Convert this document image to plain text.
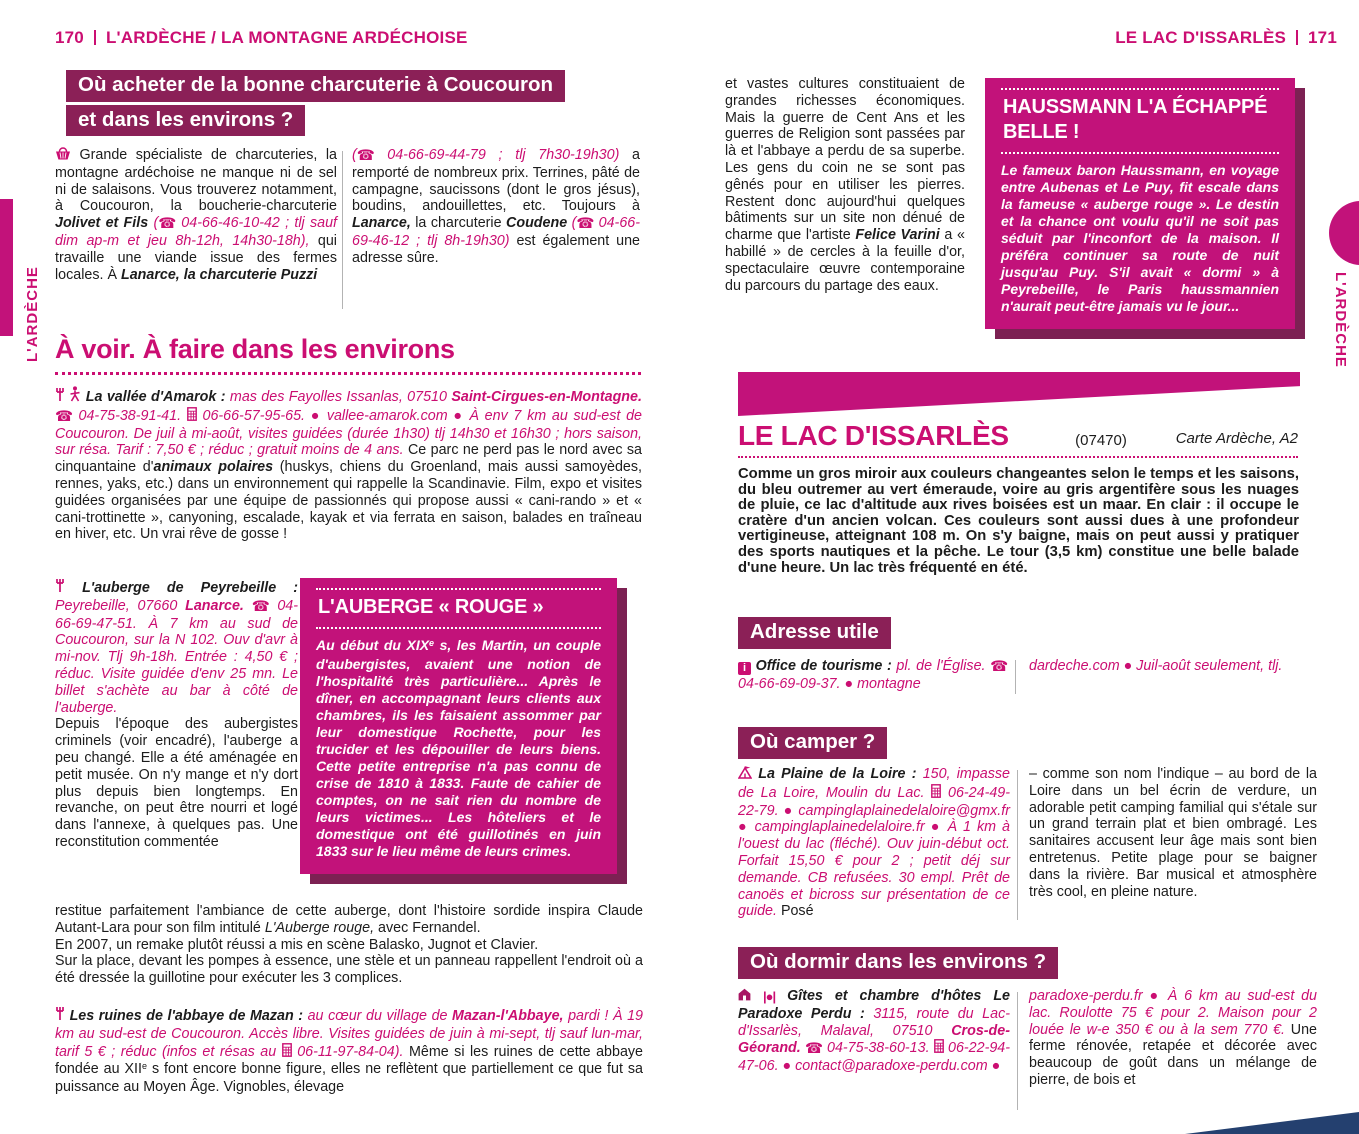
170 L'ARDÈCHE / LA MONTAGNE ARDÉCHOISE
Où acheter de la bonne charcuterie à Coucouron
et dans les environs ?
Grande spécialiste de charcuteries, la montagne ardéchoise ne manque ni de sel ni de salaisons. Vous trouverez notamment, à Coucouron, la boucherie-charcuterie Jolivet et Fils (☎ 04-66-46-10-42 ; tlj sauf dim ap-m et jeu 8h-12h, 14h30-18h), qui travaille une viande issue des fermes locales. À Lanarce, la charcuterie Puzzi
(☎ 04-66-69-44-79 ; tlj 7h30-19h30) a remporté de nombreux prix. Terrines, pâté de campagne, saucissons (dont le gros jésus), boudins, andouillettes, etc. Toujours à Lanarce, la charcuterie Coudene (☎ 04-66-69-46-12 ; tlj 8h-19h30) est également une adresse sûre.
À voir. À faire dans les environs
La vallée d'Amarok : mas des Fayolles Issanlas, 07510 Saint-Cirgues-en-Montagne. ☎ 04-75-38-91-41.  06-66-57-95-65. ● vallee-amarok.com ● À env 7 km au sud-est de Coucouron. De juil à mi-août, visites guidées (durée 1h30) tlj 14h30 et 16h30 ; hors saison, sur résa. Tarif : 7,50 € ; réduc ; gratuit moins de 4 ans. Ce parc ne perd pas le nord avec sa cinquantaine d'animaux polaires (huskys, chiens du Groenland, mais aussi samoyèdes, rennes, yaks, etc.) dans un environnement qui rappelle la Scandinavie. Film, expo et visites guidées organisées par une équipe de passionnés qui propose aussi « cani-rando » et « cani-trottinette », canyoning, escalade, kayak et via ferrata en saison, balades en traîneau en hiver, etc. Un vrai rêve de gosse !
L'auberge de Peyrebeille : Peyrebeille, 07660 Lanarce. ☎ 04-66-69-47-51. À 7 km au sud de Coucouron, sur la N 102. Ouv d'avr à mi-nov. Tlj 9h-18h. Entrée : 4,50 € ; réduc. Visite guidée d'env 25 mn. Le billet s'achète au bar à côté de l'auberge.
Depuis l'époque des aubergistes criminels (voir encadré), l'auberge a peu changé. Elle a été aménagée en petit musée. On n'y mange et n'y dort plus depuis bien longtemps. En revanche, on peut être nourri et logé dans l'annexe, à quelques pas. Une reconstitution commentée
L'AUBERGE « ROUGE »
Au début du XIXe s, les Martin, un couple d'aubergistes, avaient une notion de l'hospitalité très particulière... Après le dîner, en accompagnant leurs clients aux chambres, ils les faisaient assommer par leur domestique Rochette, pour les trucider et les dépouiller de leurs biens. Cette petite entreprise n'a pas connu de crise de 1810 à 1833. Faute de cahier de comptes, on ne sait rien du nombre de leurs victimes... Les hôteliers et le domestique ont été guillotinés en juin 1833 sur le lieu même de leurs crimes.
restitue parfaitement l'ambiance de cette auberge, dont l'histoire sordide inspira Claude Autant-Lara pour son film intitulé L'Auberge rouge, avec Fernandel.
En 2007, un remake plutôt réussi a mis en scène Balasko, Jugnot et Clavier.
Sur la place, devant les pompes à essence, une stèle et un panneau rappellent l'endroit où a été dressée la guillotine pour exécuter les 3 complices.
Les ruines de l'abbaye de Mazan : au cœur du village de Mazan-l'Abbaye, pardi ! À 19 km au sud-est de Coucouron. Accès libre. Visites guidées de juin à mi-sept, tlj sauf lun-mar, tarif 5 € ; réduc (infos et résas au  06-11-97-84-04). Même si les ruines de cette abbaye fondée au XIIe s font encore bonne figure, elles ne reflètent que partiellement ce que fut sa puissance au Moyen Âge. Vignobles, élevage
LE LAC D'ISSARLÈS 171
et vastes cultures constituaient de grandes richesses économiques. Mais la guerre de Cent Ans et les guerres de Religion sont passées par là et l'abbaye a perdu de sa superbe. Les gens du coin ne se sont pas gênés pour en utiliser les pierres. Restent donc aujourd'hui quelques bâtiments sur un site non dénué de charme que l'artiste Felice Varini a « habillé » de cercles à la feuille d'or, spectaculaire œuvre contemporaine du parcours du partage des eaux.
HAUSSMANN L'A ÉCHAPPÉ
BELLE !
Le fameux baron Haussmann, en voyage entre Aubenas et Le Puy, fit escale dans la fameuse « auberge rouge ». Le destin et la chance ont voulu qu'il ne soit pas séduit par l'inconfort de la maison. Il préféra continuer sa route de nuit jusqu'au Puy. S'il avait « dormi » à Peyrebeille, le Paris haussmannien n'aurait peut-être jamais vu le jour...
LE LAC D'ISSARLÈS	(07470)	Carte Ardèche, A2
Comme un gros miroir aux couleurs changeantes selon le temps et les saisons, du bleu outremer au vert émeraude, voire au gris argentifère sous les nuages de pluie, ce lac d'altitude aux rives boisées est un maar. En clair : il occupe le cratère d'un ancien volcan. Ces couleurs sont aussi dues à une profondeur vertigineuse, atteignant 108 m. On s'y baigne, mais on peut aussi y pratiquer des sports nautiques et la pêche. Le tour (3,5 km) constitue une belle balade d'une heure. Un lac très fréquenté en été.
Adresse utile
i Office de tourisme : pl. de l'Église. ☎ 04-66-69-09-37. ● montagne
dardeche.com ● Juil-août seulement, tlj.
Où camper ?
La Plaine de la Loire : 150, impasse de La Loire, Moulin du Lac.  06-24-49-22-79. ● campinglaplainedelaloire@gmx.fr ● campinglaplainedelaloire.fr ● À 1 km à l'ouest du lac (fléché). Ouv juin-début oct. Forfait 15,50 € pour 2 ; petit déj sur demande. CB refusées. 30 empl. Prêt de canoës et bicross sur présentation de ce guide. Posé
– comme son nom l'indique – au bord de la Loire dans un bel écrin de verdure, un adorable petit camping familial qui s'étale sur un grand terrain plat et bien ombragé. Les sanitaires accusent leur âge mais sont bien entretenus. Petite plage pour se baigner dans la rivière. Bar musical et atmosphère très cool, en pleine nature.
Où dormir dans les environs ?
|●| Gîtes et chambre d'hôtes Le Paradoxe Perdu : 3115, route du Lac-d'Issarlès, Malaval, 07510 Cros-de-Géorand. ☎ 04-75-38-60-13.  06-22-94-47-06. ● contact@paradoxe-perdu.com ●
paradoxe-perdu.fr ● À 6 km au sud-est du lac. Roulotte 75 € pour 2. Maison pour 2 louée le w-e 350 € ou à la sem 770 €. Une ferme rénovée, retapée et décorée avec beaucoup de goût dans un mélange de pierre, de bois et
L'ARDÈCHE	L'ARDÈCHE
